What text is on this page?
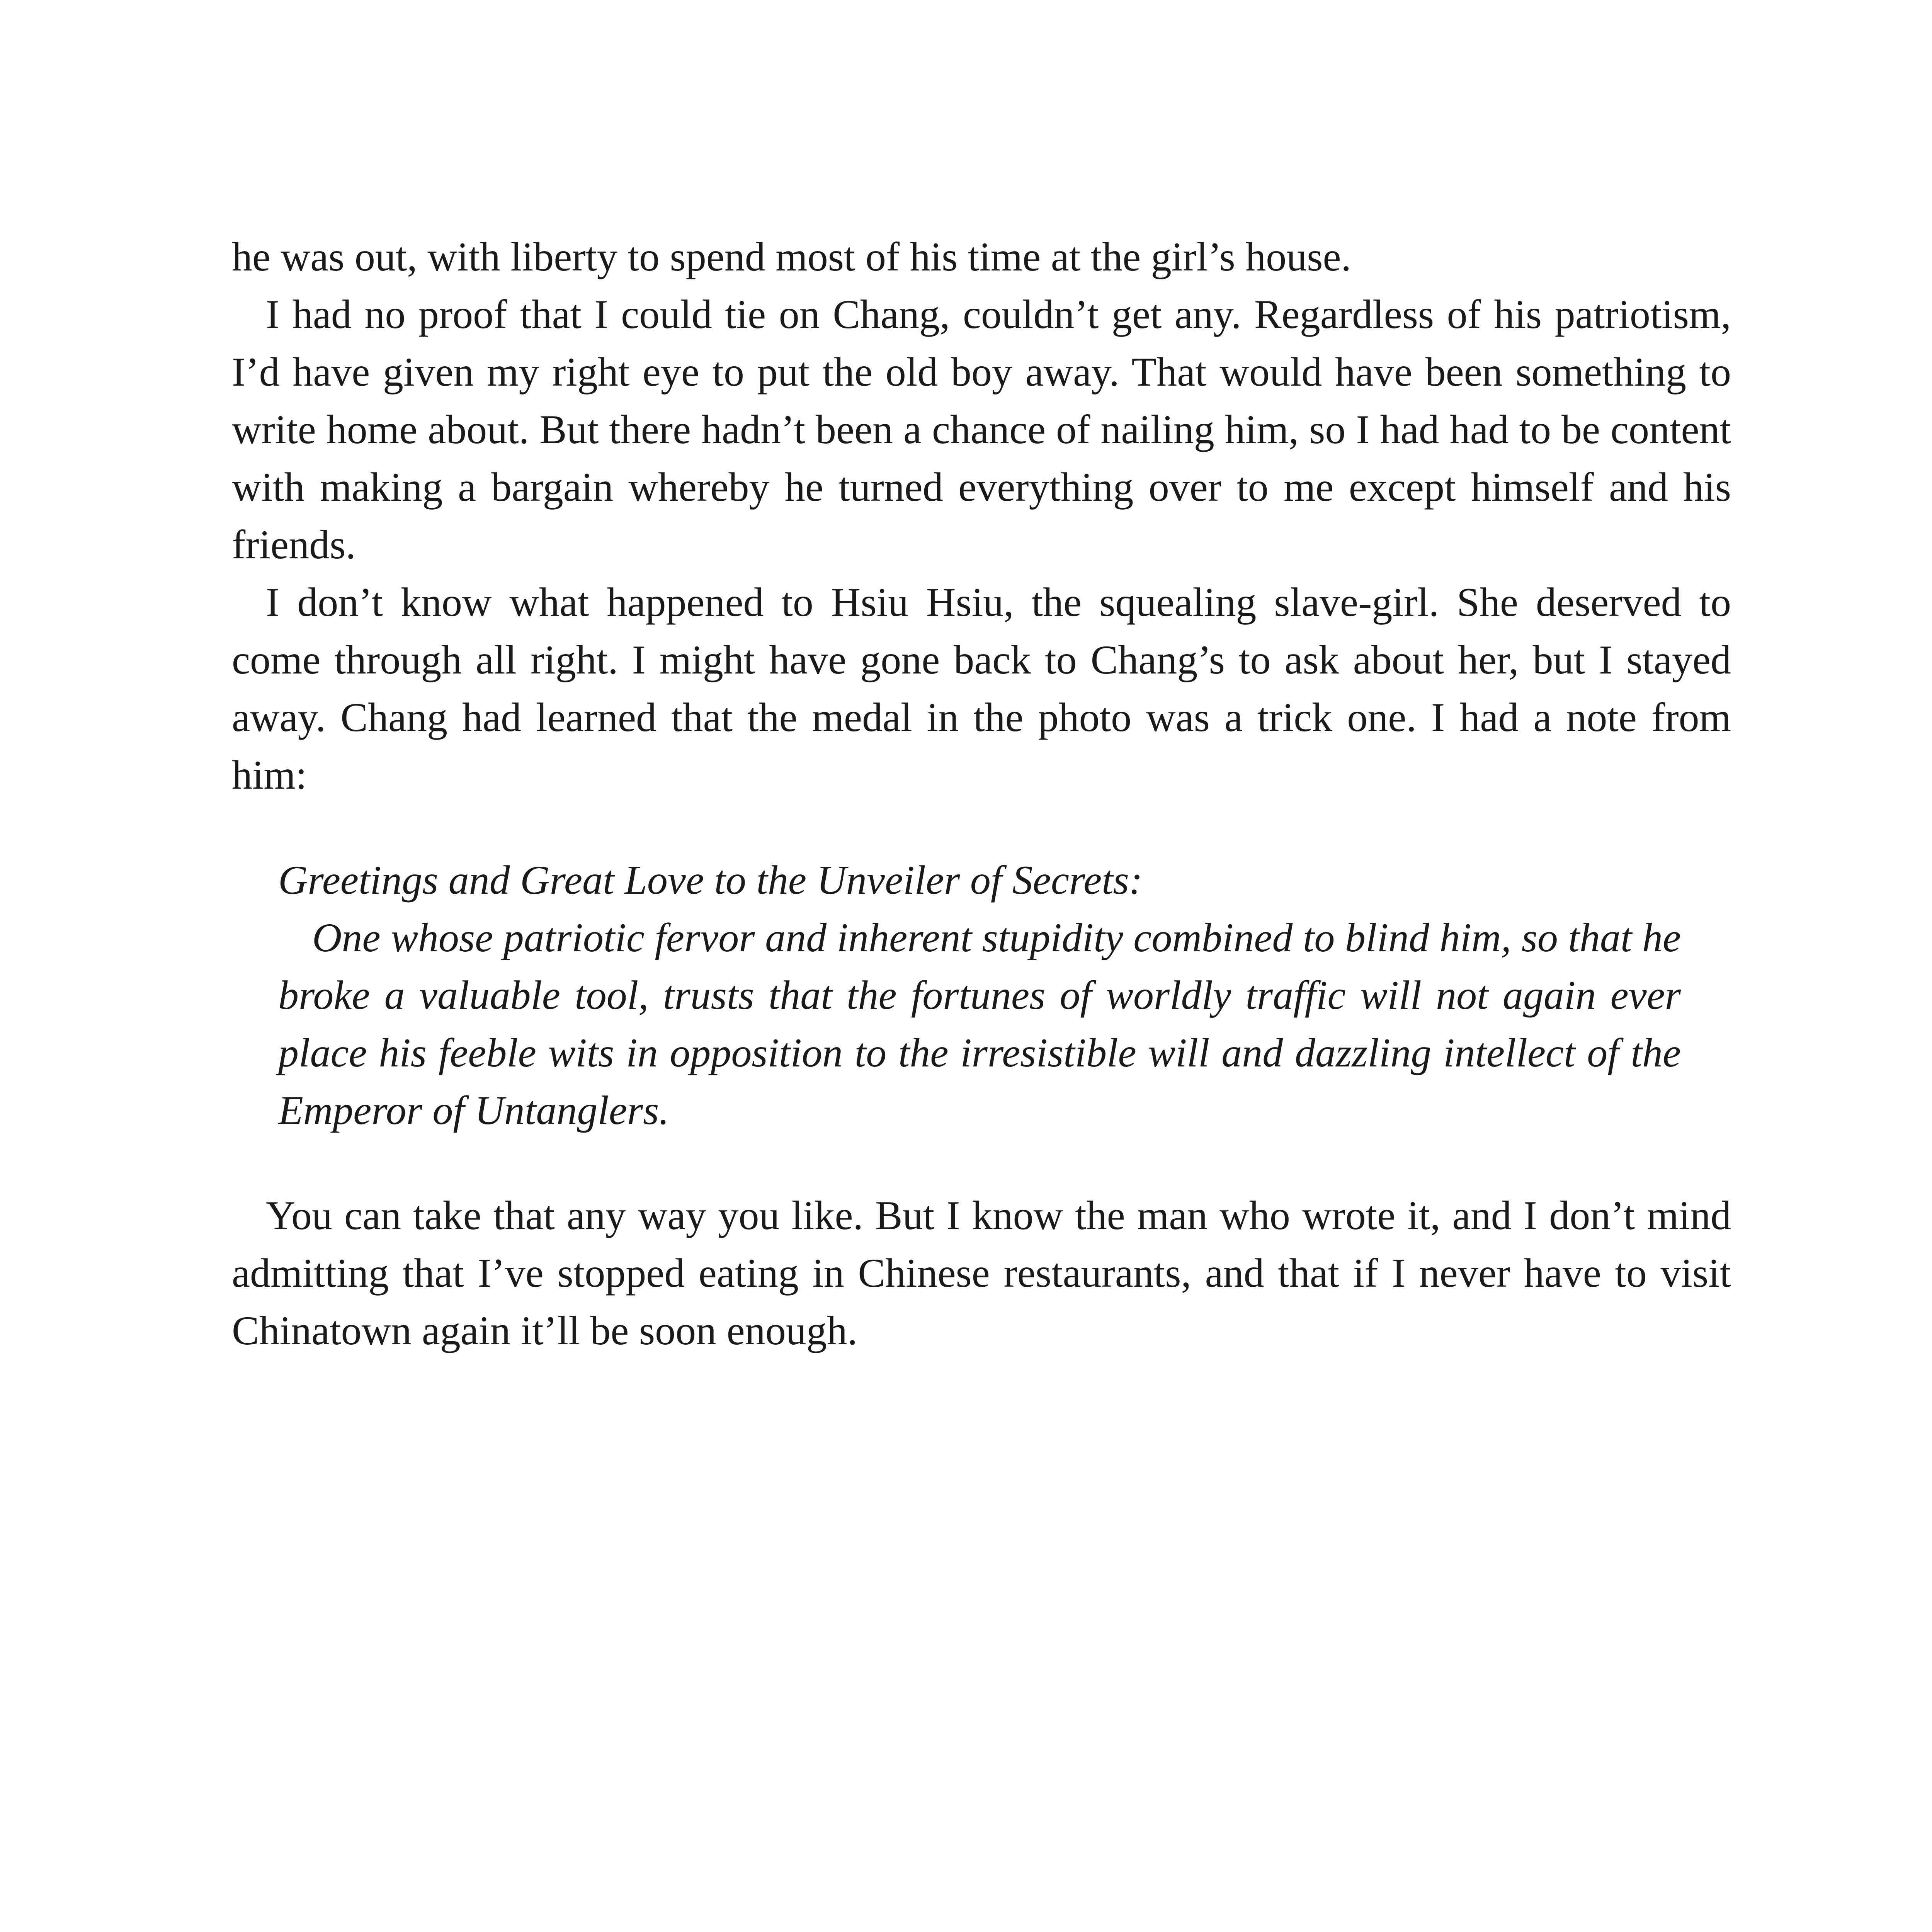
he was out, with liberty to spend most of his time at the girl’s house.

I had no proof that I could tie on Chang, couldn’t get any. Regardless of his patriotism, I’d have given my right eye to put the old boy away. That would have been something to write home about. But there hadn’t been a chance of nailing him, so I had had to be content with making a bargain whereby he turned everything over to me except himself and his friends.

I don’t know what happened to Hsiu Hsiu, the squealing slave-girl. She deserved to come through all right. I might have gone back to Chang’s to ask about her, but I stayed away. Chang had learned that the medal in the photo was a trick one. I had a note from him:

Greetings and Great Love to the Unveiler of Secrets:

One whose patriotic fervor and inherent stupidity combined to blind him, so that he broke a valuable tool, trusts that the fortunes of worldly traffic will not again ever place his feeble wits in opposition to the irresistible will and dazzling intellect of the Emperor of Untanglers.

You can take that any way you like. But I know the man who wrote it, and I don’t mind admitting that I’ve stopped eating in Chinese restaurants, and that if I never have to visit Chinatown again it’ll be soon enough.
